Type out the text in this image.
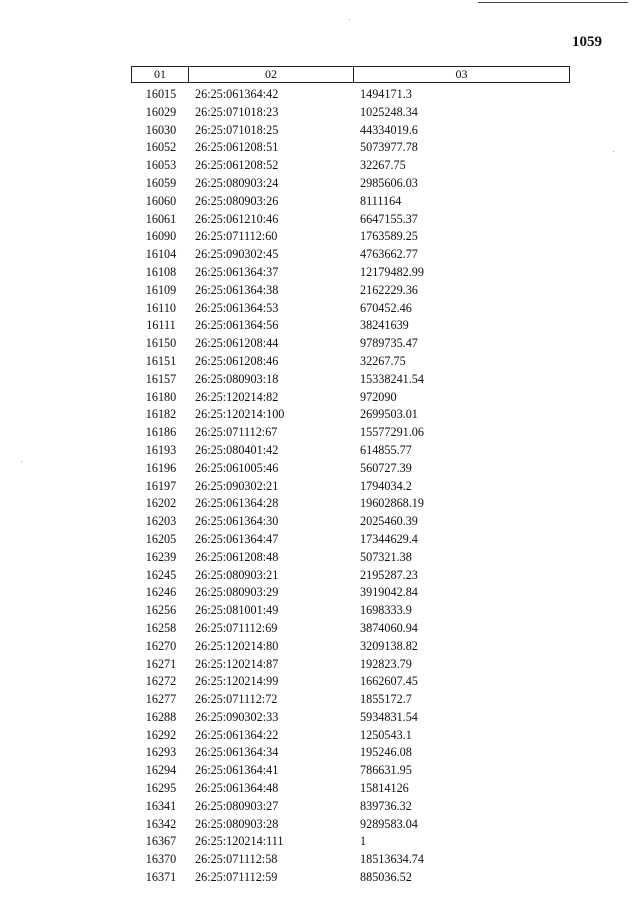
1059
01	02	03
16015	26:25:061364:42	1494171.3
16029	26:25:071018:23	1025248.34
16030	26:25:071018:25	44334019.6
16052	26:25:061208:51	5073977.78
16053	26:25:061208:52	32267.75
16059	26:25:080903:24	2985606.03
16060	26:25:080903:26	8111164
16061	26:25:061210:46	6647155.37
16090	26:25:071112:60	1763589.25
16104	26:25:090302:45	4763662.77
16108	26:25:061364:37	12179482.99
16109	26:25:061364:38	2162229.36
16110	26:25:061364:53	670452.46
16111	26:25:061364:56	38241639
16150	26:25:061208:44	9789735.47
16151	26:25:061208:46	32267.75
16157	26:25:080903:18	15338241.54
16180	26:25:120214:82	972090
16182	26:25:120214:100	2699503.01
16186	26:25:071112:67	15577291.06
16193	26:25:080401:42	614855.77
16196	26:25:061005:46	560727.39
16197	26:25:090302:21	1794034.2
16202	26:25:061364:28	19602868.19
16203	26:25:061364:30	2025460.39
16205	26:25:061364:47	17344629.4
16239	26:25:061208:48	507321.38
16245	26:25:080903:21	2195287.23
16246	26:25:080903:29	3919042.84
16256	26:25:081001:49	1698333.9
16258	26:25:071112:69	3874060.94
16270	26:25:120214:80	3209138.82
16271	26:25:120214:87	192823.79
16272	26:25:120214:99	1662607.45
16277	26:25:071112:72	1855172.7
16288	26:25:090302:33	5934831.54
16292	26:25:061364:22	1250543.1
16293	26:25:061364:34	195246.08
16294	26:25:061364:41	786631.95
16295	26:25:061364:48	15814126
16341	26:25:080903:27	839736.32
16342	26:25:080903:28	9289583.04
16367	26:25:120214:111	1
16370	26:25:071112:58	18513634.74
16371	26:25:071112:59	885036.52
